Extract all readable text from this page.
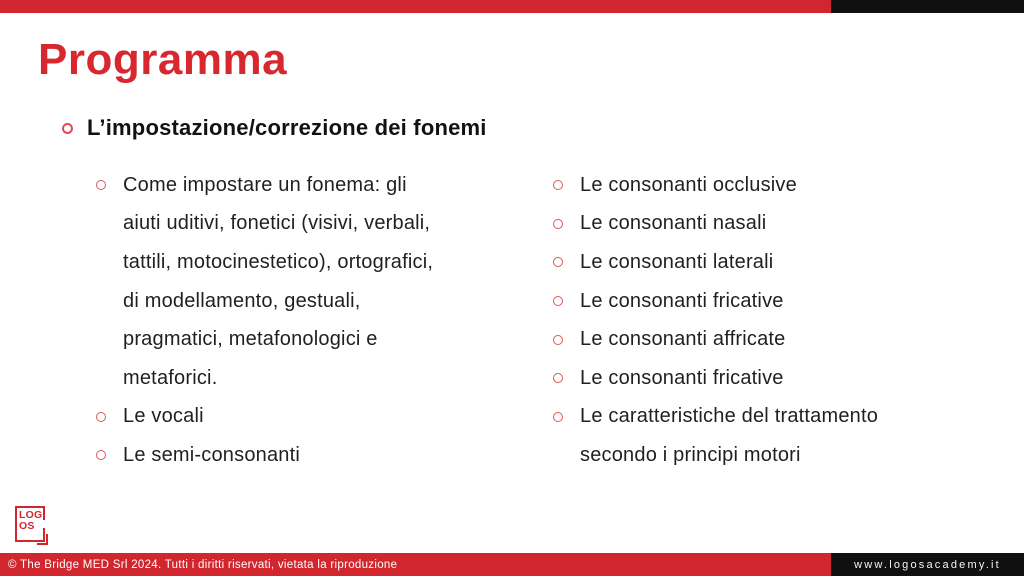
Programma
L’impostazione/correzione dei fonemi
Come impostare un fonema: gli
aiuti uditivi, fonetici (visivi, verbali,
tattili, motocinestetico), ortografici,
di modellamento, gestuali,
pragmatici, metafonologici e
metaforici.
Le vocali
Le semi-consonanti
Le consonanti occlusive
Le consonanti nasali
Le consonanti laterali
Le consonanti fricative
Le consonanti affricate
Le consonanti fricative
Le caratteristiche del trattamento
secondo i principi motori
LOG
OS
© The Bridge MED Srl 2024. Tutti i diritti riservati, vietata la riproduzione	www.logosacademy.it
